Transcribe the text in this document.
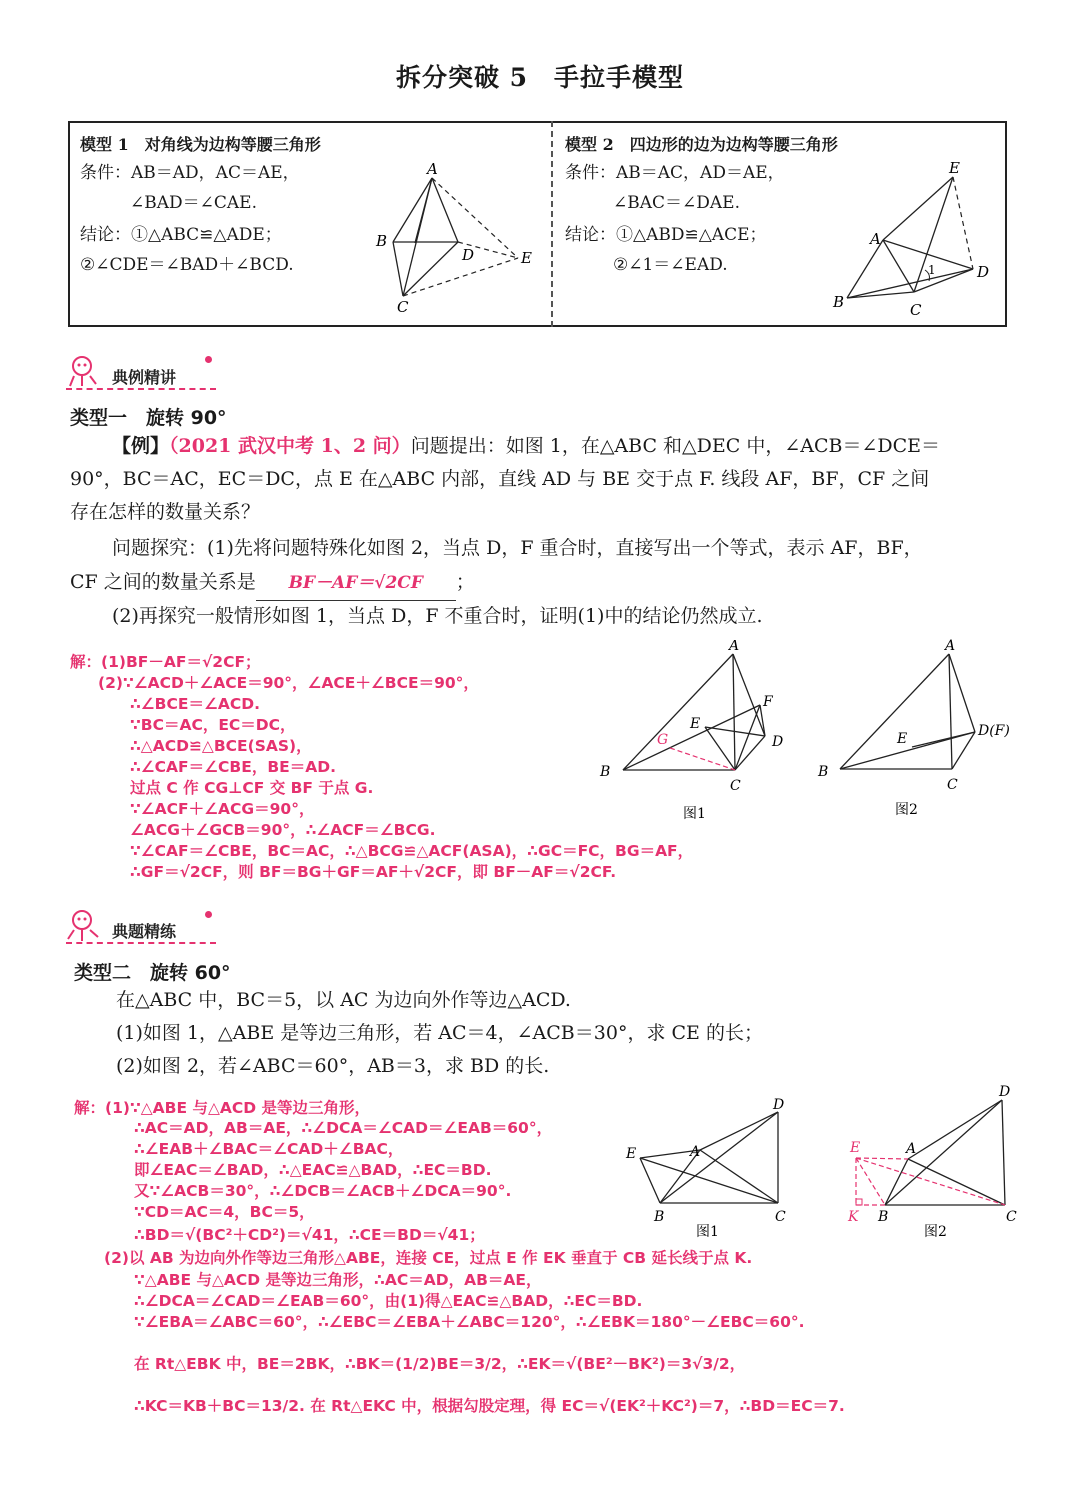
拆分突破 5　手拉手模型
模型 1　对角线为边构等腰三角形
条件：AB＝AD，AC＝AE，
∠BAD＝∠CAE.
结论：①△ABC≌△ADE；
②∠CDE＝∠BAD＋∠BCD.
A
B
C
D	E
模型 2　四边形的边为边构等腰三角形
条件：AB＝AC，AD＝AE，
∠BAC＝∠DAE.
结论：①△ABD≌△ACE；
②∠1＝∠EAD.
E
A
B	C
D
1
典例精讲
类型一　旋转 90°
【例】（2021 武汉中考 1、2 问）问题提出：如图 1，在△ABC 和△DEC 中，∠ACB＝∠DCE＝
90°，BC＝AC，EC＝DC，点 E 在△ABC 内部，直线 AD 与 BE 交于点 F. 线段 AF，BF，CF 之间
存在怎样的数量关系？
问题探究：(1)先将问题特殊化如图 2，当点 D，F 重合时，直接写出一个等式，表示 AF，BF，
CF 之间的数量关系是 BF－AF＝√2CF ；
(2)再探究一般情形如图 1，当点 D，F 不重合时，证明(1)中的结论仍然成立.
解：(1)BF－AF＝√2CF；
(2)∵∠ACD＋∠ACE＝90°，∠ACE＋∠BCE＝90°，
∴∠BCE＝∠ACD.
∵BC＝AC，EC＝DC，
∴△ACD≌△BCE(SAS)，
∴∠CAF＝∠CBE，BE＝AD.
过点 C 作 CG⊥CF 交 BF 于点 G.
∵∠ACF＋∠ACG＝90°，
∠ACG＋∠GCB＝90°，∴∠ACF＝∠BCG.
∵∠CAF＝∠CBE，BC＝AC，∴△BCG≌△ACF(ASA)，∴GC＝FC，BG＝AF，
∴GF＝√2CF，则 BF＝BG＋GF＝AF＋√2CF，即 BF－AF＝√2CF.
A
B
C
D
E
F
G
图1
A
B
C
D(F)
E
图2
典题精练
类型二　旋转 60°
在△ABC 中，BC＝5，以 AC 为边向外作等边△ACD.
(1)如图 1，△ABE 是等边三角形，若 AC＝4，∠ACB＝30°，求 CE 的长；
(2)如图 2，若∠ABC＝60°，AB＝3，求 BD 的长.
解：(1)∵△ABE 与△ACD 是等边三角形，
∴AC＝AD，AB＝AE，∴∠DCA＝∠CAD＝∠EAB＝60°，
∴∠EAB＋∠BAC＝∠CAD＋∠BAC，
即∠EAC＝∠BAD，∴△EAC≌△BAD，∴EC＝BD.
又∵∠ACB＝30°，∴∠DCB＝∠ACB＋∠DCA＝90°.
∵CD＝AC＝4，BC＝5，
∴BD＝√(BC²＋CD²)＝√41，∴CE＝BD＝√41；
(2)以 AB 为边向外作等边三角形△ABE，连接 CE，过点 E 作 EK 垂直于 CB 延长线于点 K.
∵△ABE 与△ACD 是等边三角形，∴AC＝AD，AB＝AE，
∴∠DCA＝∠CAD＝∠EAB＝60°，由(1)得△EAC≌△BAD，∴EC＝BD.
∵∠EBA＝∠ABC＝60°，∴∠EBC＝∠EBA＋∠ABC＝120°，∴∠EBK＝180°－∠EBC＝60°.
在 Rt△EBK 中，BE＝2BK，∴BK＝(1/2)BE＝3/2，∴EK＝√(BE²－BK²)＝3√3/2，
∴KC＝KB＋BC＝13/2. 在 Rt△EKC 中，根据勾股定理，得 EC＝√(EK²＋KC²)＝7，∴BD＝EC＝7.
D
E	A
B	C
图1
D
E	A
B	C
K
图2
